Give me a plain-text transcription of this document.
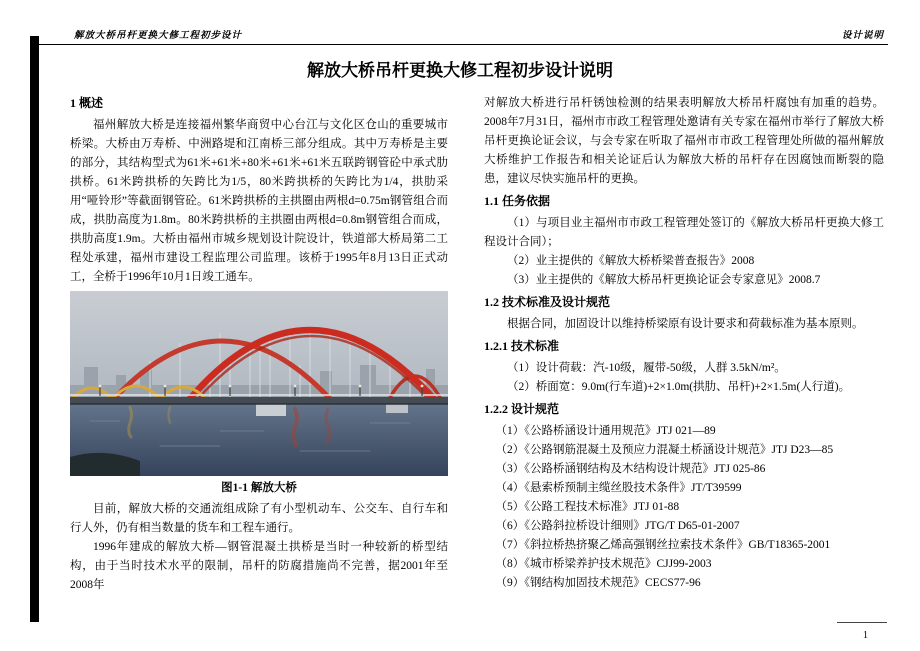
解放大桥吊杆更换大修工程初步设计	设计说明
解放大桥吊杆更换大修工程初步设计说明
1 概述

福州解放大桥是连接福州繁华商贸中心台江与文化区仓山的重要城市桥梁。大桥由万寿桥、中洲路堤和江南桥三部分组成。其中万寿桥是主要的部分，其结构型式为61米+61米+80米+61米+61米五联跨钢管砼中承式肋拱桥。61米跨拱桥的矢跨比为1/5，80米跨拱桥的矢跨比为1/4，拱肋采用“哑铃形”等截面钢管砼。61米跨拱桥的主拱圈由两根d=0.75m钢管组合而成，拱肋高度为1.8m。80米跨拱桥的主拱圈由两根d=0.8m钢管组合而成，拱肋高度1.9m。大桥由福州市城乡规划设计院设计，铁道部大桥局第二工程处承建，福州市建设工程监理公司监理。该桥于1995年8月13日正式动工，全桥于1996年10月1日竣工通车。

图1-1 解放大桥

目前，解放大桥的交通流组成除了有小型机动车、公交车、自行车和行人外，仍有相当数量的货车和工程车通行。

1996年建成的解放大桥—钢管混凝土拱桥是当时一种较新的桥型结构，由于当时技术水平的限制，吊杆的防腐措施尚不完善，据2001年至2008年

对解放大桥进行吊杆锈蚀检测的结果表明解放大桥吊杆腐蚀有加重的趋势。2008年7月31日，福州市市政工程管理处邀请有关专家在福州市举行了解放大桥吊杆更换论证会议，与会专家在听取了福州市市政工程管理处所做的福州解放大桥维护工作报告和相关论证后认为解放大桥的吊杆存在因腐蚀而断裂的隐患，建议尽快实施吊杆的更换。

1.1 任务依据

（1）与项目业主福州市市政工程管理处签订的《解放大桥吊杆更换大修工程设计合同）；

（2）业主提供的《解放大桥桥梁普查报告》2008

（3）业主提供的《解放大桥吊杆更换论证会专家意见》2008.7

1.2 技术标准及设计规范

根据合同，加固设计以维持桥梁原有设计要求和荷载标准为基本原则。

1.2.1 技术标准

（1）设计荷载：汽-10级，履带-50级，人群 3.5kN/m²。

（2）桥面宽：9.0m(行车道)+2×1.0m(拱肋、吊杆)+2×1.5m(人行道)。

1.2.2 设计规范

（1）《公路桥涵设计通用规范》JTJ 021—89

（2）《公路钢筋混凝土及预应力混凝土桥涵设计规范》JTJ D23—85

（3）《公路桥涵钢结构及木结构设计规范》JTJ 025-86

（4）《悬索桥预制主缆丝股技术条件》JT/T39599

（5）《公路工程技术标准》JTJ 01-88

（6）《公路斜拉桥设计细则》JTG/T D65-01-2007

（7）《斜拉桥热挤聚乙烯高强钢丝拉索技术条件》GB/T18365-2001

（8）《城市桥梁养护技术规范》CJJ99-2003

（9）《钢结构加固技术规范》CECS77-96

1
